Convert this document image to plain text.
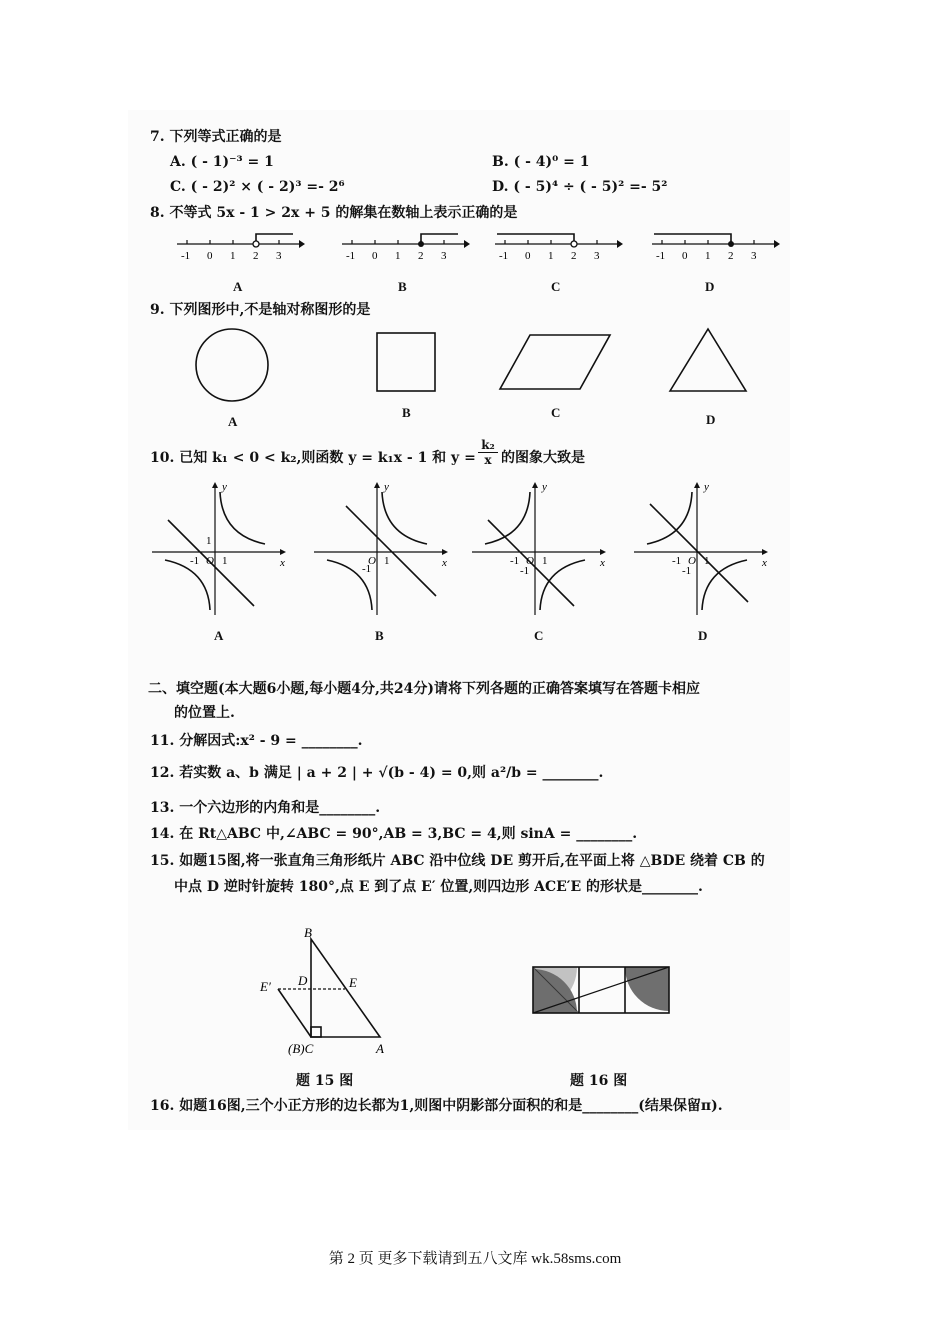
7. 下列等式正确的是
A. ( - 1)⁻³ = 1	B. ( - 4)⁰ = 1
C. ( - 2)² × ( - 2)³ =- 2⁶	D. ( - 5)⁴ ÷ ( - 5)² =- 5²
8. 不等式 5x - 1 > 2x + 5 的解集在数轴上表示正确的是
-1 0 1 2 3	-1 0 1 2 3	-1 0 1 2 3	-1 0 1 2 3
A	B	C	D
9. 下列图形中,不是轴对称图形的是
A
B	C	D
10. 已知 k₁ < 0 < k₂,则函数 y = k₁x - 1 和 $y = \frac{\text{k₂}}{x}$ 的图象大致是
y
x
O 1
1
-1
y
x
O 1
-1
y
x
O 1
-1
-1
y
x
O 1
-1
-1
A	B	C	D
二、填空题(本大题6小题,每小题4分,共24分)请将下列各题的正确答案填写在答题卡相应
的位置上.
11. 分解因式:x² - 9 = ________.
12. 若实数 a、b 满足 | a + 2 | + √(b - 4) = 0,则 a²/b = ________.
13. 一个六边形的内角和是________.
14. 在 Rt△ABC 中,∠ABC = 90°,AB = 3,BC = 4,则 sinA = ________.
15. 如题15图,将一张直角三角形纸片 ABC 沿中位线 DE 剪开后,在平面上将 △BDE 绕着 CB 的
中点 D 逆时针旋转 180°,点 E 到了点 E′ 位置,则四边形 ACE′E 的形状是________.
B
D	E
E′
(B)C	A
题 15 图	题 16 图
16. 如题16图,三个小正方形的边长都为1,则图中阴影部分面积的和是________(结果保留π).
第 2 页 更多下载请到五八文库 wk.58sms.com
